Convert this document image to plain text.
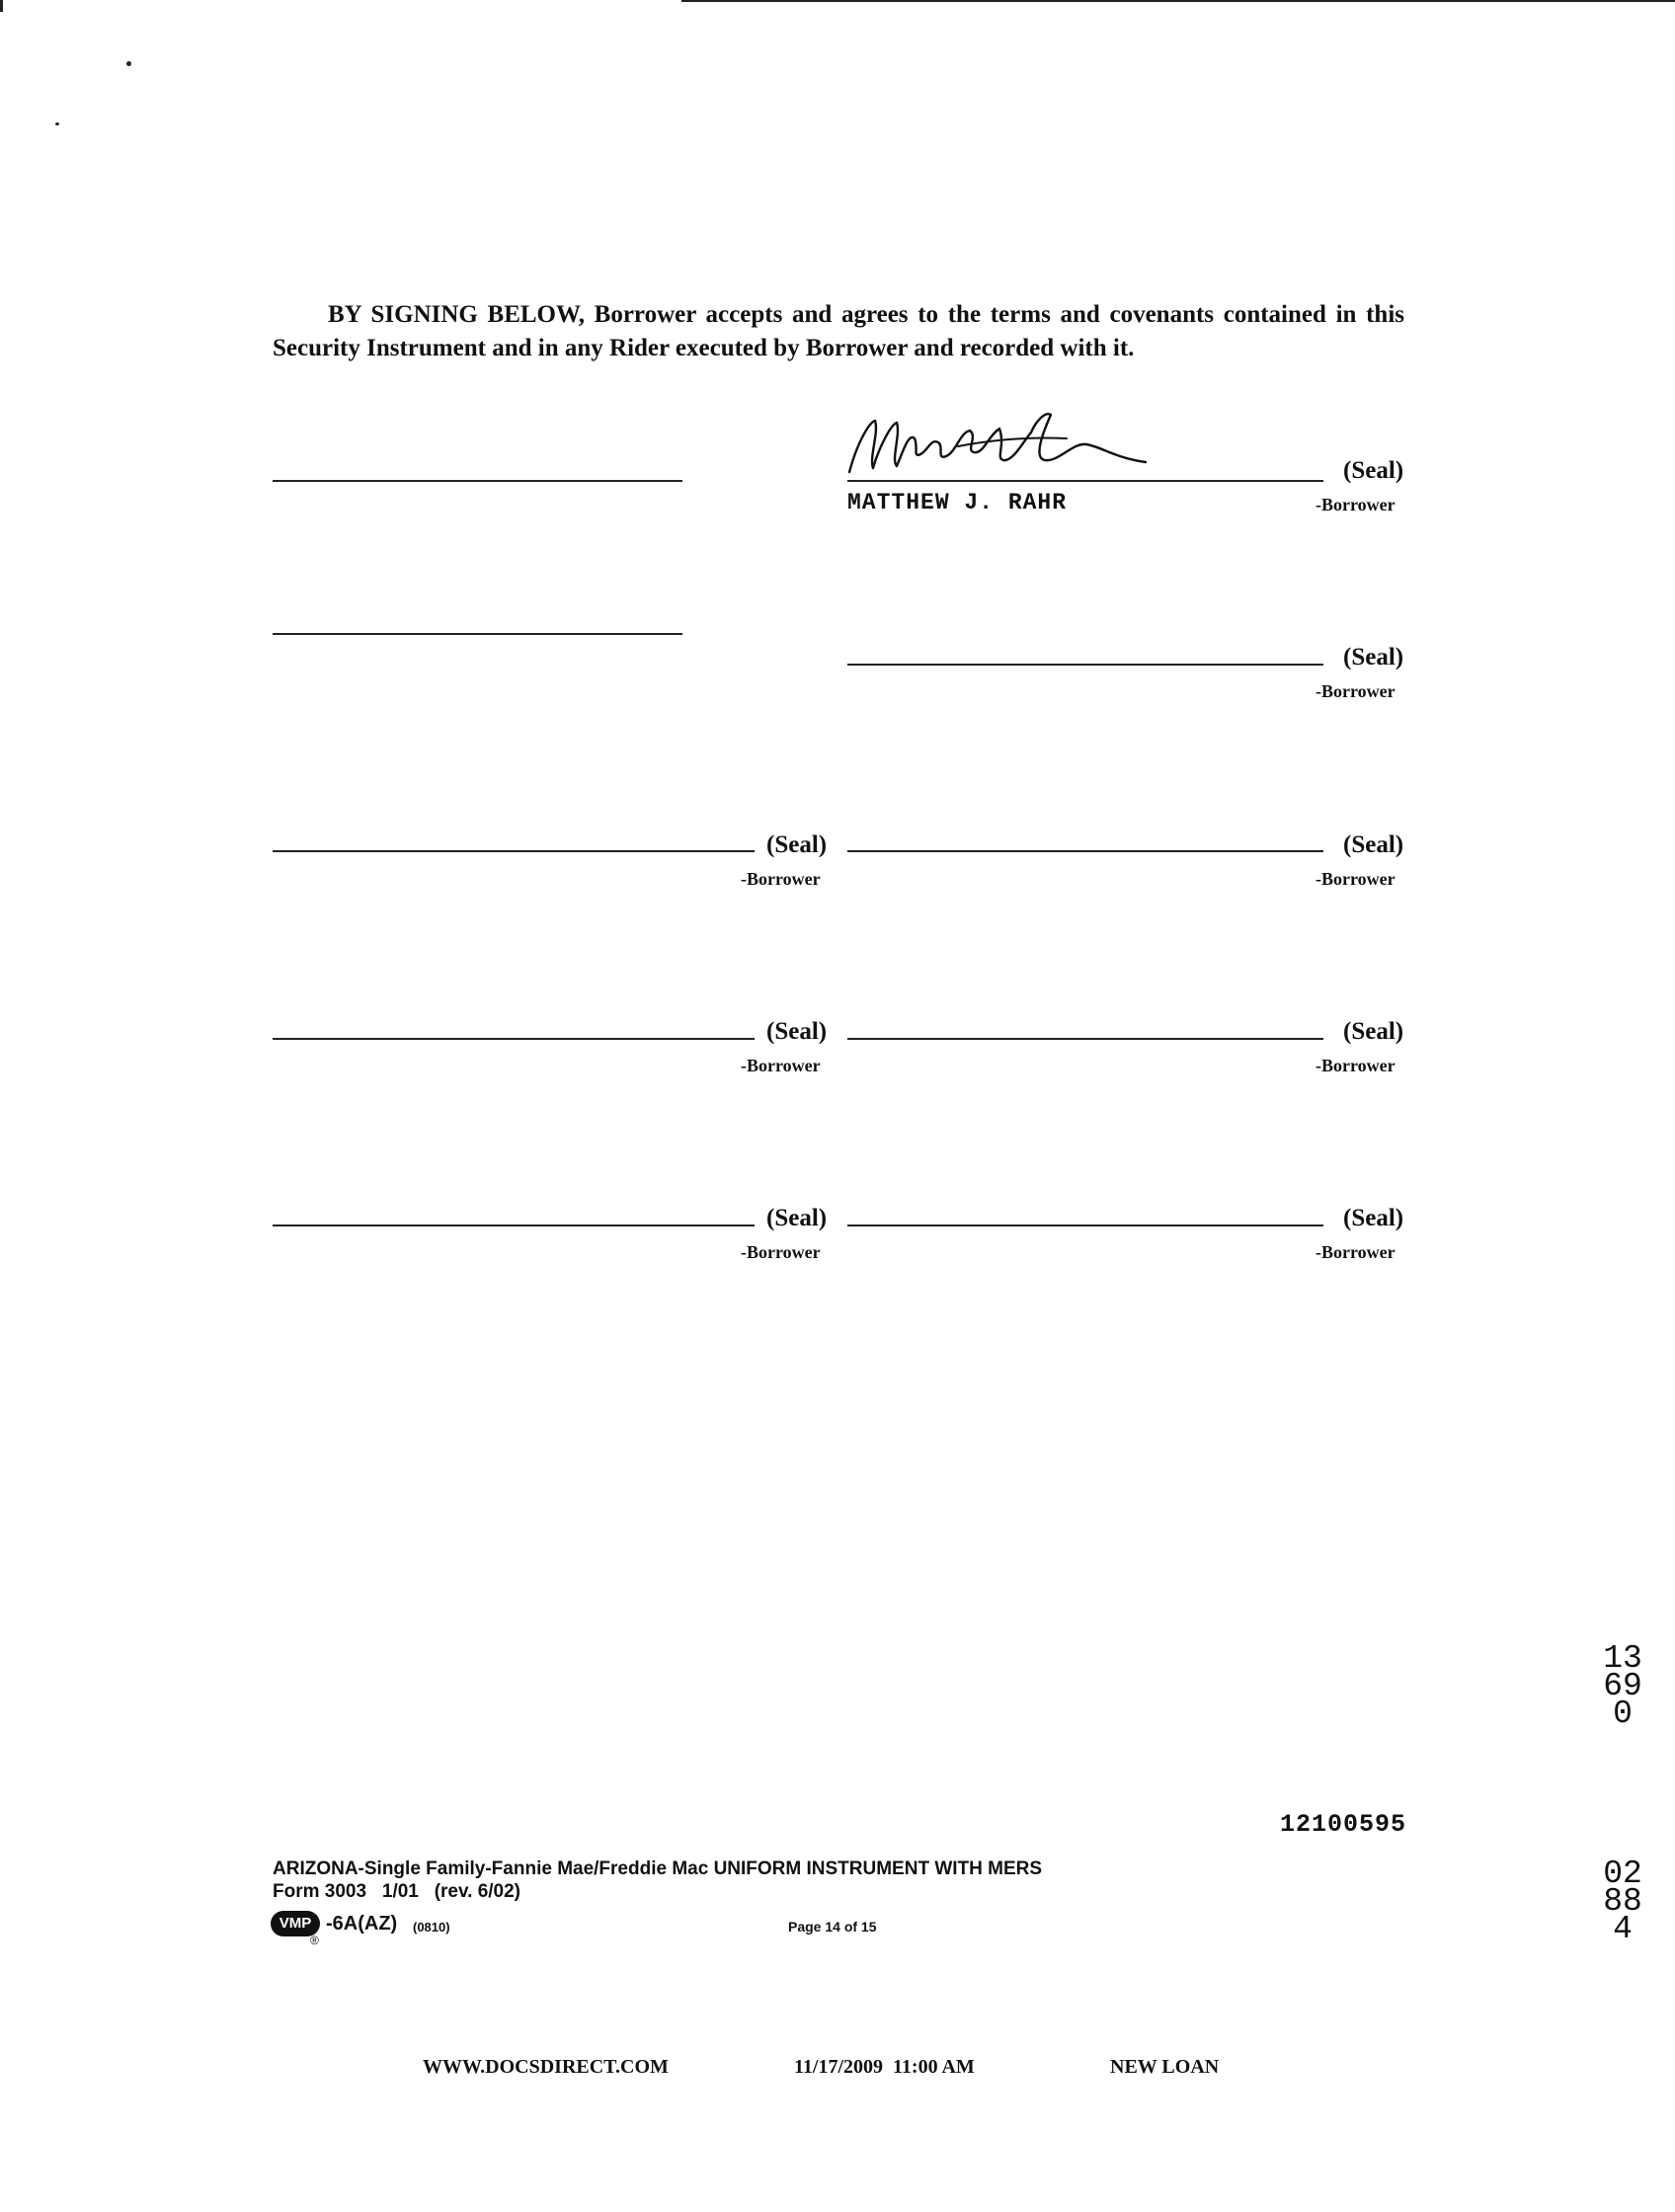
BY SIGNING BELOW, Borrower accepts and agrees to the terms and covenants contained in this Security Instrument and in any Rider executed by Borrower and recorded with it.
(Seal)
MATTHEW J. RAHR	-Borrower
(Seal)
-Borrower
(Seal)
-Borrower
(Seal)
-Borrower
(Seal)
-Borrower
(Seal)
-Borrower
(Seal)
-Borrower
(Seal)
-Borrower
12100595
ARIZONA-Single Family-Fannie Mae/Freddie Mac UNIFORM INSTRUMENT WITH MERS
Form 3003   1/01   (rev. 6/02)
VMP
®
-6A(AZ) (0810)	Page 14 of 15
WWW.DOCSDIRECT.COM	11/17/2009  11:00 AM	NEW LOAN

13690

02884
